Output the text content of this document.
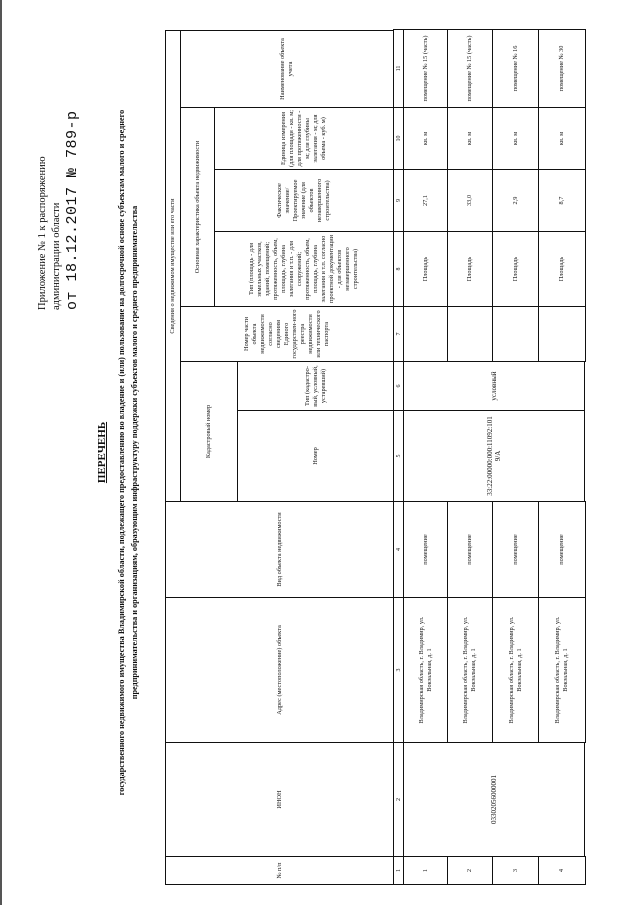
Приложение № 1 к распоряжению администрации области от 18.12.2017 № 789-р
ПЕРЕЧЕНЬ государственного недвижимого имущества Владимирской области, подлежащего предоставлению во владение и (или) пользование на долгосрочной основе субъектам малого и среднего предпринимательства и организациям, образующим инфраструктуру поддержки субъектов малого и среднего предпринимательства
№ п/п
ИНОН
Адрес (местоположение) объекта
Вид объекта недвижимости
Сведения о недвижимом имуществе или его части
Кадастровый номер	Номер
Тип (кадастро-вый, условный, устаревший)
Номер части объекта недвижимости согласно сведениям Единого государствен-ного реестра недвижимости или технического паспорта
Основная характеристика объекта недвижимости	Тип (площадь - для земельных участков, зданий, помещений; протяженность, объем, площадь, глубина залегания и т.п. - для сооружений; протяженность, объем, площадь, глубина залегания и т.п. согласно проектной документации - для объектов незавершенного строительства)
Фактическое значение/ Проектируемое значение (для объектов незавершенного строительства)
Единица измерения (для площади - кв. м; для протяженности - м; для глубины залегания - м; для объема - куб. м)
Наименование объекта учета
03302056000001
33:22:00000:000:11092:101 9/A
условный
1
2
3
4
5
6
7
8
9
10
11
1
Владимирская область, г. Владимир, ул. Вокзальная, д. 1
помещение
Площадь
27,1
кв. м
помещение № 15 (часть)
2
Владимирская область, г. Владимир, ул. Вокзальная, д. 1
помещение
Площадь
33,0
кв. м
помещение № 15 (часть)
3
Владимирская область, г. Владимир, ул. Вокзальная, д. 1
помещение
Площадь
2,9
кв. м
помещение № 16
4
Владимирская область, г. Владимир, ул. Вокзальная, д. 1
помещение
Площадь
8,7
кв. м
помещение № 30
